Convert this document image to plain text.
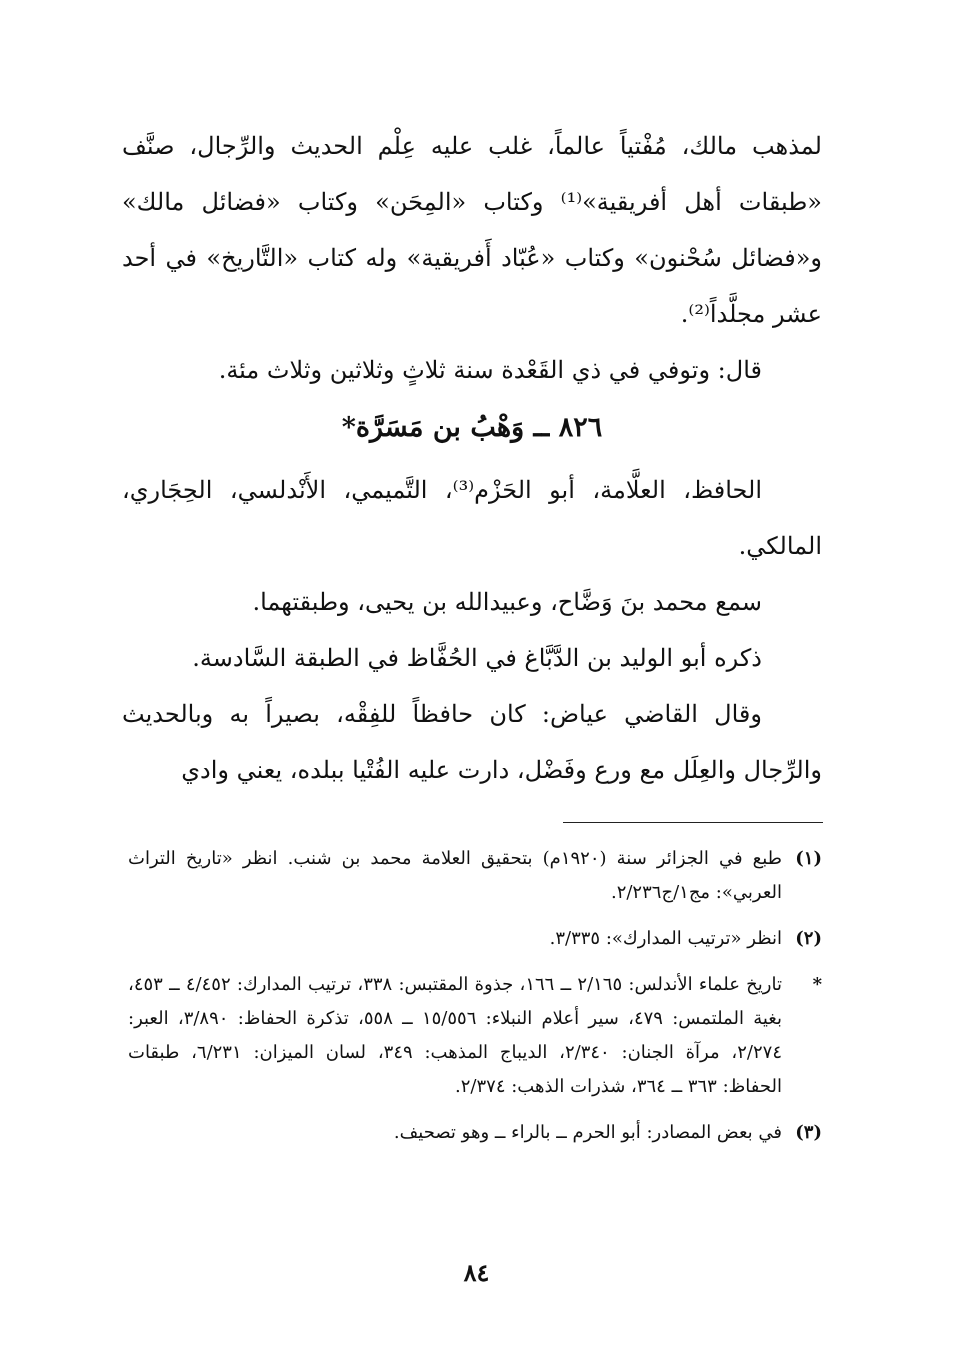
لمذهب مالك، مُفْتياً عالماً، غلب عليه عِلْم الحديث والرِّجال، صنَّف «طبقات أهل أفريقية»⁽¹⁾ وكتاب «المِحَن» وكتاب «فضائل مالك» و«فضائل سُحْنون» وكتاب «عُبّاد أَفريقية» وله كتاب «التَّاريخ» في أحد عشر مجلَّداً⁽²⁾.

قال: وتوفي في ذي القَعْدة سنة ثلاثٍ وثلاثين وثلاث مئة.

٨٢٦ ــ وَهْبُ بن مَسَرَّة*

الحافظ، العلَّامة، أبو الحَزْم⁽³⁾، التَّميمي، الأَنْدلسي، الحِجَاري، المالكي.

سمع محمد بنَ وَضَّاح، وعبيدالله بن يحيى، وطبقتهما.

ذكره أبو الوليد بن الدَّبَّاغ في الحُفَّاظ في الطبقة السَّادسة.

وقال القاضي عياض: كان حافظاً للفِقْه، بصيراً به وبالحديث والرِّجال والعِلَل مع ورع وفَضْل، دارت عليه الفُتْيا ببلده، يعني وادي

(١)
طبع في الجزائر سنة (١٩٢٠م) بتحقيق العلامة محمد بن شنب. انظر «تاريخ التراث العربي»: مج١/ج٢/٢٣٦.

(٢)
انظر «ترتيب المدارك»: ٣/٣٣٥.

*
تاريخ علماء الأندلس: ٢/١٦٥ ــ ١٦٦، جذوة المقتبس: ٣٣٨، ترتيب المدارك: ٤/٤٥٢ ــ ٤٥٣، بغية الملتمس: ٤٧٩، سير أعلام النبلاء: ١٥/٥٥٦ ــ ٥٥٨، تذكرة الحفاظ: ٣/٨٩٠، العبر: ٢/٢٧٤، مرآة الجنان: ٢/٣٤٠، الديباج المذهب: ٣٤٩، لسان الميزان: ٦/٢٣١، طبقات الحفاظ: ٣٦٣ ــ ٣٦٤، شذرات الذهب: ٢/٣٧٤.

(٣)
في بعض المصادر: أبو الحرم ــ بالراء ــ وهو تصحيف.

٨٤
